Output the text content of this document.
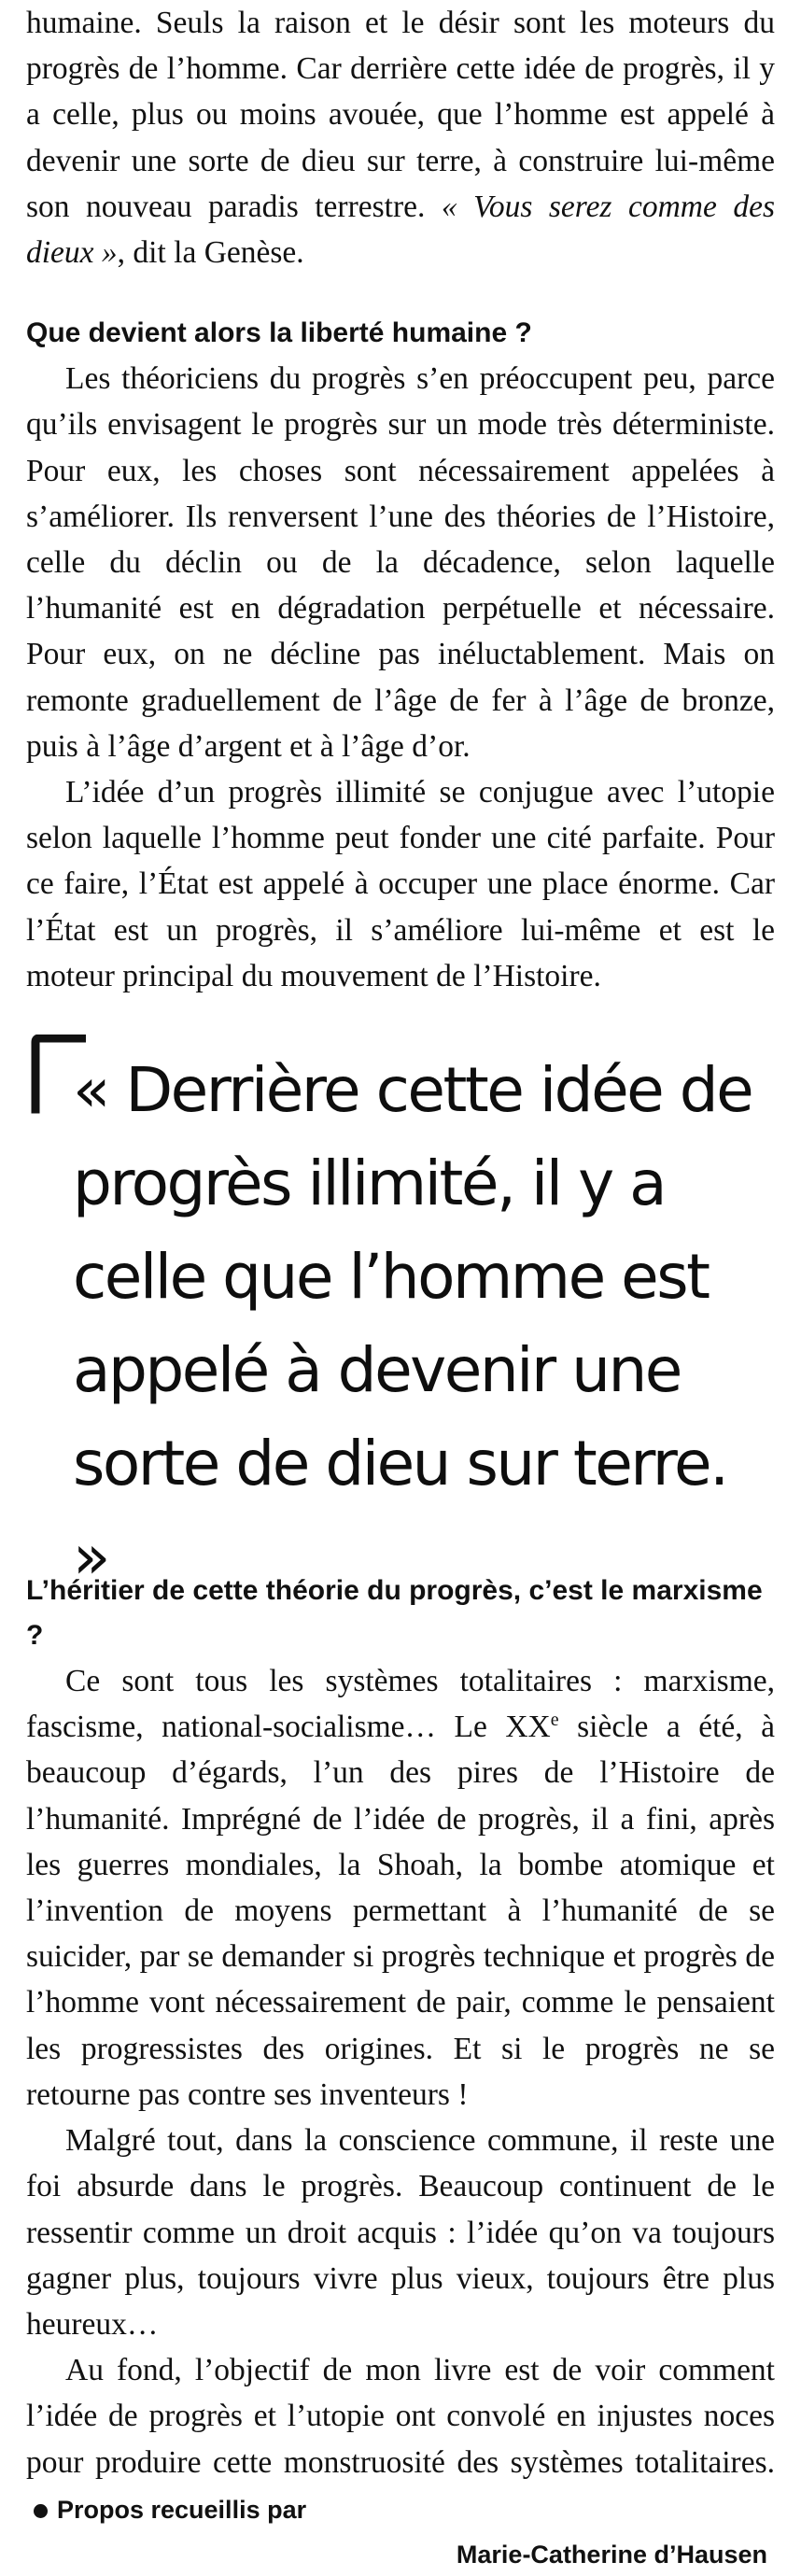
humaine. Seuls la raison et le désir sont les moteurs du progrès de l’homme. Car derrière cette idée de progrès, il y a celle, plus ou moins avouée, que l’homme est appelé à devenir une sorte de dieu sur terre, à construire lui-même son nouveau paradis terrestre. « Vous serez comme des dieux », dit la Genèse.

Que devient alors la liberté humaine ?

Les théoriciens du progrès s’en préoccupent peu, parce qu’ils envisagent le progrès sur un mode très déterministe. Pour eux, les choses sont nécessairement appelées à s’améliorer. Ils renversent l’une des théories de l’Histoire, celle du déclin ou de la décadence, selon laquelle l’humanité est en dégradation perpétuelle et nécessaire. Pour eux, on ne décline pas inéluctablement. Mais on remonte graduellement de l’âge de fer à l’âge de bronze, puis à l’âge d’argent et à l’âge d’or.

L’idée d’un progrès illimité se conjugue avec l’utopie selon laquelle l’homme peut fonder une cité parfaite. Pour ce faire, l’État est appelé à occuper une place énorme. Car l’État est un progrès, il s’améliore lui-même et est le moteur principal du mouvement de l’Histoire.

« Derrière cette idée de progrès illimité, il y a celle que l’homme est appelé à devenir une sorte de dieu sur terre. »

L’héritier de cette théorie du progrès, c’est le marxisme ?

Ce sont tous les systèmes totalitaires : marxisme, fascisme, national-socialisme… Le XXe siècle a été, à beaucoup d’égards, l’un des pires de l’Histoire de l’humanité. Imprégné de l’idée de progrès, il a fini, après les guerres mondiales, la Shoah, la bombe atomique et l’invention de moyens permettant à l’humanité de se suicider, par se demander si progrès technique et progrès de l’homme vont nécessairement de pair, comme le pensaient les progressistes des origines. Et si le progrès ne se retourne pas contre ses inventeurs !

Malgré tout, dans la conscience commune, il reste une foi absurde dans le progrès. Beaucoup continuent de le ressentir comme un droit acquis : l’idée qu’on va toujours gagner plus, toujours vivre plus vieux, toujours être plus heureux…

Au fond, l’objectif de mon livre est de voir comment l’idée de progrès et l’utopie ont convolé en injustes noces pour produire cette monstruosité des systèmes totalitaires.Propos recueillis par

Marie-Catherine d’Hausen
